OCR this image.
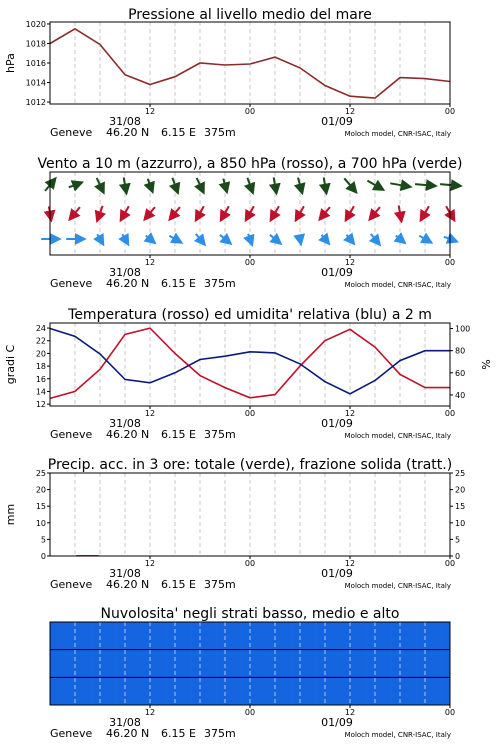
Pressione al livello medio del mare
1012
1014
1016
1018
1020
hPa
12	00	12	00
31/08	01/09
Geneve 46.20 N 6.15 E 375m	Moloch model, CNR-ISAC, Italy
Vento a 10 m (azzurro), a 850 hPa (rosso), a 700 hPa (verde)
12	00	12	00
31/08	01/09
Geneve 46.20 N 6.15 E 375m	Moloch model, CNR-ISAC, Italy
Temperatura (rosso) ed umidita' relativa (blu) a 2 m
12
14
16
18
20
22
24
40
60
80
100
gradi C	%
12	00	12	00
31/08	01/09
Geneve 46.20 N 6.15 E 375m	Moloch model, CNR-ISAC, Italy
Precip. acc. in 3 ore: totale (verde), frazione solida (tratt.)
0
5
10
15
20
25
0
5
10
15
20
25
mm
12	00	12	00
31/08	01/09
Geneve 46.20 N 6.15 E 375m	Moloch model, CNR-ISAC, Italy
Nuvolosita' negli strati basso, medio e alto
12	00	12	00
31/08	01/09
Geneve 46.20 N 6.15 E 375m	Moloch model, CNR-ISAC, Italy
